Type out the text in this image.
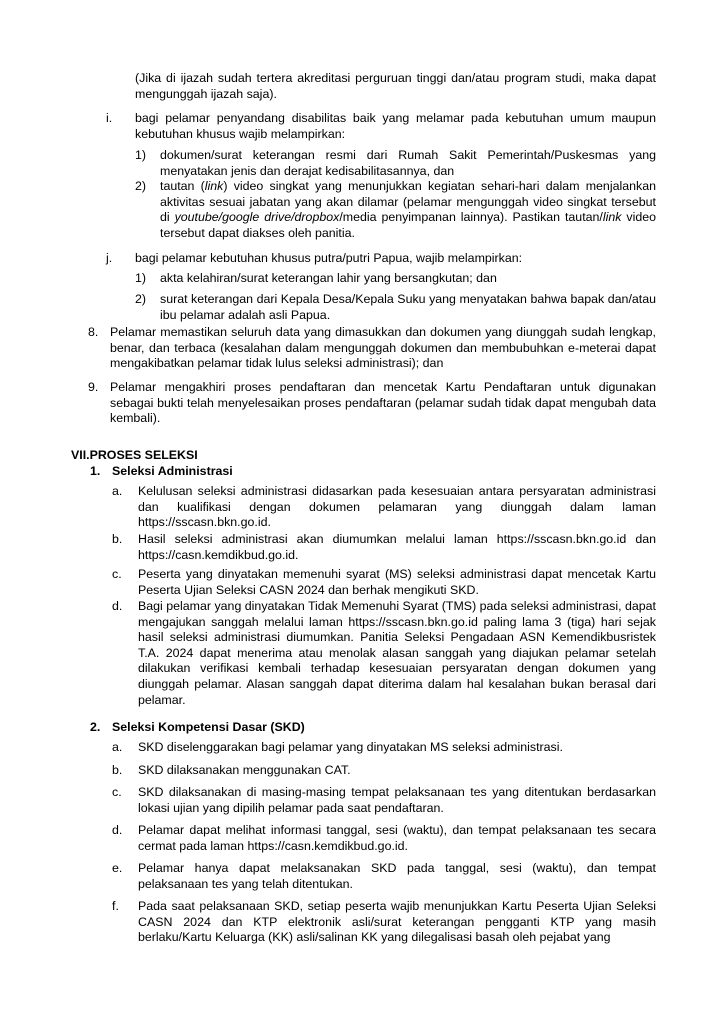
(Jika di ijazah sudah tertera akreditasi perguruan tinggi dan/atau program studi, maka dapat mengunggah ijazah saja).
i. bagi pelamar penyandang disabilitas baik yang melamar pada kebutuhan umum maupun kebutuhan khusus wajib melampirkan:
1) dokumen/surat keterangan resmi dari Rumah Sakit Pemerintah/Puskesmas yang menyatakan jenis dan derajat kedisabilitasannya, dan
2) tautan (link) video singkat yang menunjukkan kegiatan sehari-hari dalam menjalankan aktivitas sesuai jabatan yang akan dilamar (pelamar mengunggah video singkat tersebut di youtube/google drive/dropbox/media penyimpanan lainnya). Pastikan tautan/link video tersebut dapat diakses oleh panitia.
j. bagi pelamar kebutuhan khusus putra/putri Papua, wajib melampirkan:
1) akta kelahiran/surat keterangan lahir yang bersangkutan; dan
2) surat keterangan dari Kepala Desa/Kepala Suku yang menyatakan bahwa bapak dan/atau ibu pelamar adalah asli Papua.
8. Pelamar memastikan seluruh data yang dimasukkan dan dokumen yang diunggah sudah lengkap, benar, dan terbaca (kesalahan dalam mengunggah dokumen dan membubuhkan e-meterai dapat mengakibatkan pelamar tidak lulus seleksi administrasi); dan
9. Pelamar mengakhiri proses pendaftaran dan mencetak Kartu Pendaftaran untuk digunakan sebagai bukti telah menyelesaikan proses pendaftaran (pelamar sudah tidak dapat mengubah data kembali).
VII.PROSES SELEKSI
1. Seleksi Administrasi
a. Kelulusan seleksi administrasi didasarkan pada kesesuaian antara persyaratan administrasi dan kualifikasi dengan dokumen pelamaran yang diunggah dalam laman https://sscasn.bkn.go.id.
b. Hasil seleksi administrasi akan diumumkan melalui laman https://sscasn.bkn.go.id dan https://casn.kemdikbud.go.id.
c. Peserta yang dinyatakan memenuhi syarat (MS) seleksi administrasi dapat mencetak Kartu Peserta Ujian Seleksi CASN 2024 dan berhak mengikuti SKD.
d. Bagi pelamar yang dinyatakan Tidak Memenuhi Syarat (TMS) pada seleksi administrasi, dapat mengajukan sanggah melalui laman https://sscasn.bkn.go.id paling lama 3 (tiga) hari sejak hasil seleksi administrasi diumumkan. Panitia Seleksi Pengadaan ASN Kemendikbusristek T.A. 2024 dapat menerima atau menolak alasan sanggah yang diajukan pelamar setelah dilakukan verifikasi kembali terhadap kesesuaian persyaratan dengan dokumen yang diunggah pelamar. Alasan sanggah dapat diterima dalam hal kesalahan bukan berasal dari pelamar.
2. Seleksi Kompetensi Dasar (SKD)
a. SKD diselenggarakan bagi pelamar yang dinyatakan MS seleksi administrasi.
b. SKD dilaksanakan menggunakan CAT.
c. SKD dilaksanakan di masing-masing tempat pelaksanaan tes yang ditentukan berdasarkan lokasi ujian yang dipilih pelamar pada saat pendaftaran.
d. Pelamar dapat melihat informasi tanggal, sesi (waktu), dan tempat pelaksanaan tes secara cermat pada laman https://casn.kemdikbud.go.id.
e. Pelamar hanya dapat melaksanakan SKD pada tanggal, sesi (waktu), dan tempat pelaksanaan tes yang telah ditentukan.
f. Pada saat pelaksanaan SKD, setiap peserta wajib menunjukkan Kartu Peserta Ujian Seleksi CASN 2024 dan KTP elektronik asli/surat keterangan pengganti KTP yang masih berlaku/Kartu Keluarga (KK) asli/salinan KK yang dilegalisasi basah oleh pejabat yang
